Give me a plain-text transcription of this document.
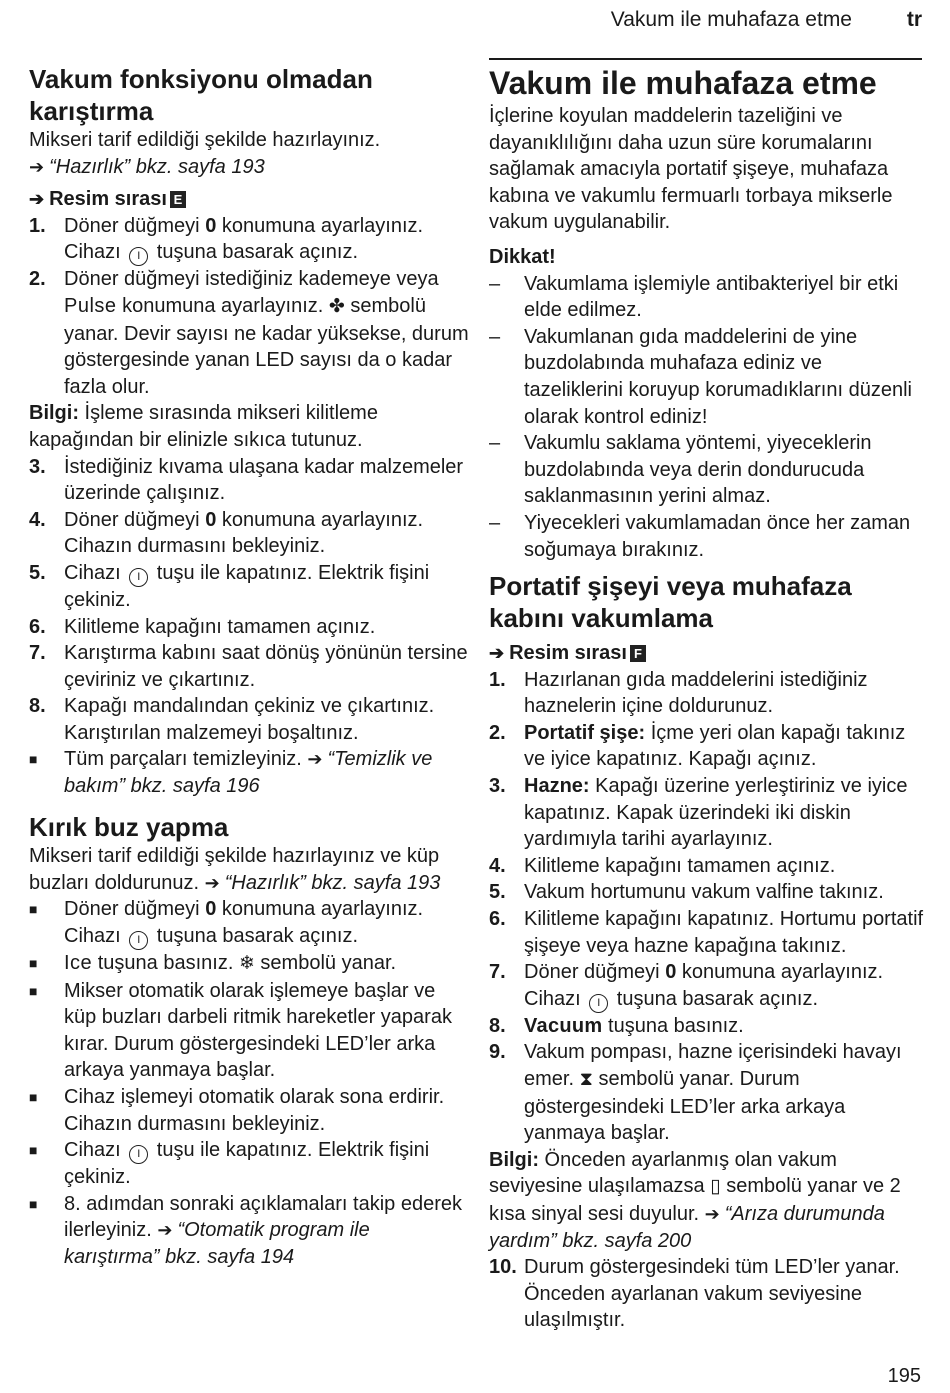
Vakum ile muhafaza etme	tr
Vakum fonksiyonu olmadan karıştırma

Mikseri tarif edildiği şekilde hazırlayınız.

➔ “Hazırlık” bkz. sayfa 193

➔ Resim sırası E

1. Döner düğmeyi 0 konumuna ayarlayınız. Cihazı I tuşuna basarak açınız.
2. Döner düğmeyi istediğiniz kademeye veya Pulse konumuna ayarlayınız. ✤ sembolü yanar. Devir sayısı ne kadar yüksekse, durum göstergesinde yanan LED sayısı da o kadar fazla olur.

Bilgi: İşleme sırasında mikseri kilitleme kapağından bir elinizle sıkıca tutunuz.

3. İstediğiniz kıvama ulaşana kadar malzemeler üzerinde çalışınız.
4. Döner düğmeyi 0 konumuna ayarlayınız. Cihazın durmasını bekleyiniz.
5. Cihazı I tuşu ile kapatınız. Elektrik fişini çekiniz.
6. Kilitleme kapağını tamamen açınız.
7. Karıştırma kabını saat dönüş yönünün tersine çeviriniz ve çıkartınız.
8. Kapağı mandalından çekiniz ve çıkartınız. Karıştırılan malzemeyi boşaltınız.
■	Tüm parçaları temizleyiniz. ➔ “Temizlik ve bakım” bkz. sayfa 196
Kırık buz yapma

Mikseri tarif edildiği şekilde hazırlayınız ve küp buzları doldurunuz. ➔ “Hazırlık” bkz. sayfa 193

■	Döner düğmeyi 0 konumuna ayarlayınız. Cihazı I tuşuna basarak açınız.
■	Ice tuşuna basınız. ❄ sembolü yanar.
■	Mikser otomatik olarak işlemeye başlar ve küp buzları darbeli ritmik hareketler yaparak kırar. Durum göstergesindeki LED’ler arka arkaya yanmaya başlar.
■	Cihaz işlemeyi otomatik olarak sona erdirir. Cihazın durmasını bekleyiniz.
■	Cihazı I tuşu ile kapatınız. Elektrik fişini çekiniz.
■	8. adımdan sonraki açıklamaları takip ederek ilerleyiniz. ➔ “Otomatik program ile karıştırma” bkz. sayfa 194
Vakum ile muhafaza etme

İçlerine koyulan maddelerin tazeliğini ve dayanıklılığını daha uzun süre korumalarını sağlamak amacıyla portatif şişeye, muhafaza kabına ve vakumlu fermuarlı torbaya mikserle vakum uygulanabilir.

Dikkat!

–	Vakumlama işlemiyle antibakteriyel bir etki elde edilmez.
–	Vakumlanan gıda maddelerini de yine buzdolabında muhafaza ediniz ve tazeliklerini koruyup korumadıklarını düzenli olarak kontrol ediniz!
–	Vakumlu saklama yöntemi, yiyeceklerin buzdolabında veya derin dondurucuda saklanmasının yerini almaz.
–	Yiyecekleri vakumlamadan önce her zaman soğumaya bırakınız.
Portatif şişeyi veya muhafaza kabını vakumlama

➔ Resim sırası F

1. Hazırlanan gıda maddelerini istediğiniz haznelerin içine doldurunuz.
2. Portatif şişe: İçme yeri olan kapağı takınız ve iyice kapatınız. Kapağı açınız.
3. Hazne: Kapağı üzerine yerleştiriniz ve iyice kapatınız. Kapak üzerindeki iki diskin yardımıyla tarihi ayarlayınız.
4. Kilitleme kapağını tamamen açınız.
5. Vakum hortumunu vakum valfine takınız.
6. Kilitleme kapağını kapatınız. Hortumu portatif şişeye veya hazne kapağına takınız.
7. Döner düğmeyi 0 konumuna ayarlayınız. Cihazı I tuşuna basarak açınız.
8. Vacuum tuşuna basınız.
9. Vakum pompası, hazne içerisindeki havayı emer. ⧗ sembolü yanar. Durum göstergesindeki LED’ler arka arkaya yanmaya başlar.

Bilgi: Önceden ayarlanmış olan vakum seviyesine ulaşılamazsa ▯ sembolü yanar ve 2 kısa sinyal sesi duyulur. ➔ “Arıza durumunda yardım” bkz. sayfa 200

10. Durum göstergesindeki tüm LED’ler yanar. Önceden ayarlanan vakum seviyesine ulaşılmıştır.
195
